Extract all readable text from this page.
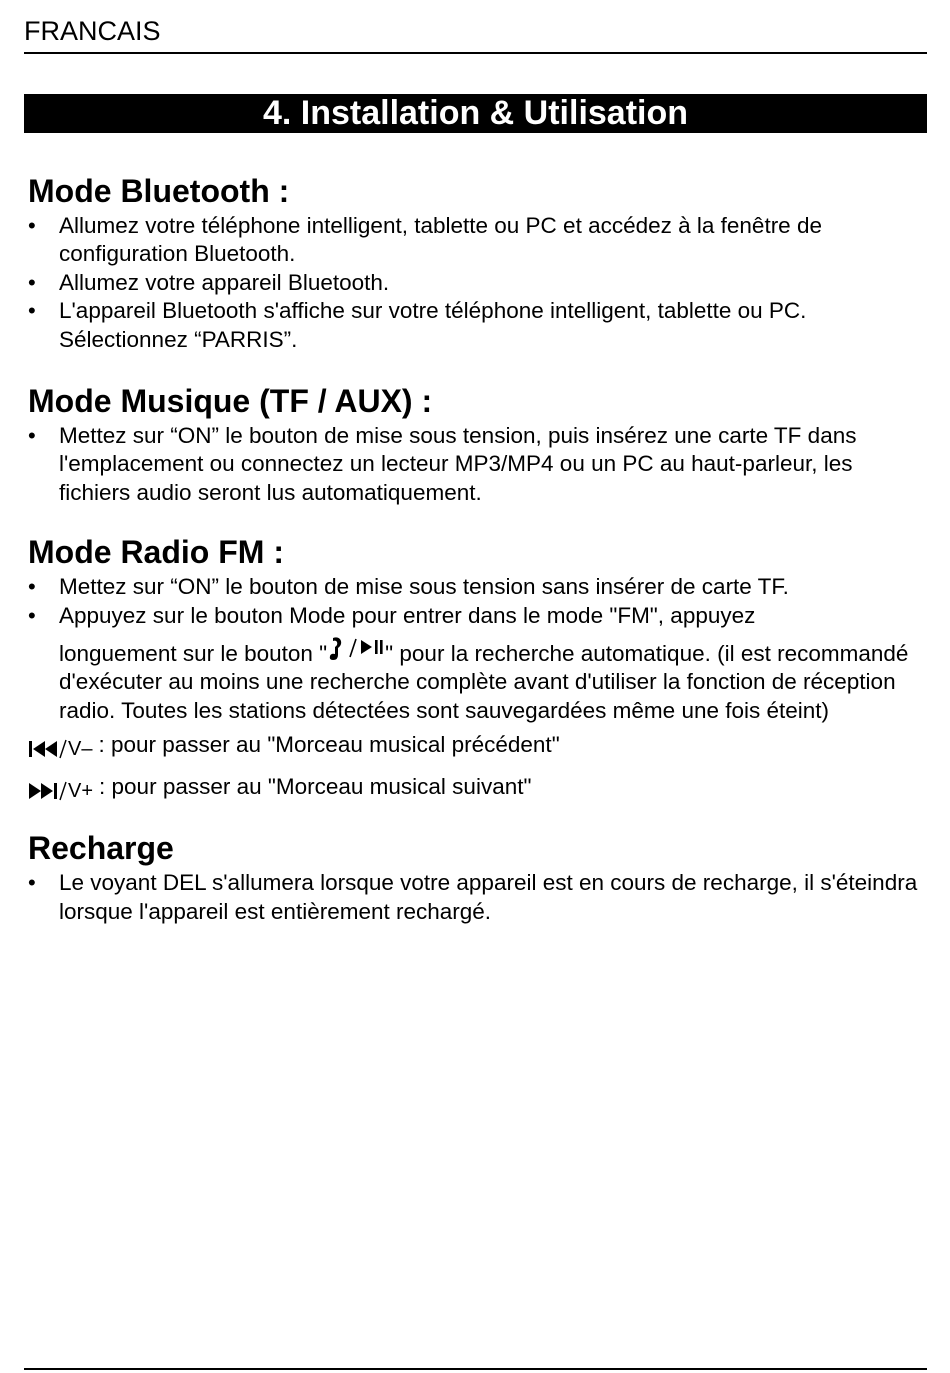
FRANCAIS

4. Installation & Utilisation
Mode Bluetooth :
• Allumez votre téléphone intelligent, tablette ou PC et accédez à la fenêtre de configuration Bluetooth.
• Allumez votre appareil Bluetooth.
• L'appareil Bluetooth s'affiche sur votre téléphone intelligent, tablette ou PC. Sélectionnez “PARRIS”.
Mode Musique (TF / AUX) :
• Mettez sur “ON” le bouton de mise sous tension, puis insérez une carte TF dans l'emplacement ou connectez un lecteur MP3/MP4 ou un PC au haut-parleur, les fichiers audio seront lus automatiquement.
Mode Radio FM :
• Mettez sur “ON” le bouton de mise sous tension sans insérer de carte TF.
• Appuyez sur le bouton Mode pour entrer dans le mode "FM", appuyez
longuement sur le bouton "	" pour la recherche automatique. (il est recommandé d'exécuter au moins une recherche complète avant d'utiliser la fonction de réception radio. Toutes les stations détectées sont sauvegardées même une fois éteint)
V– : pour passer au "Morceau musical précédent"
V+ : pour passer au "Morceau musical suivant"
Recharge
• Le voyant DEL s'allumera lorsque votre appareil est en cours de recharge, il s'éteindra lorsque l'appareil est entièrement rechargé.
